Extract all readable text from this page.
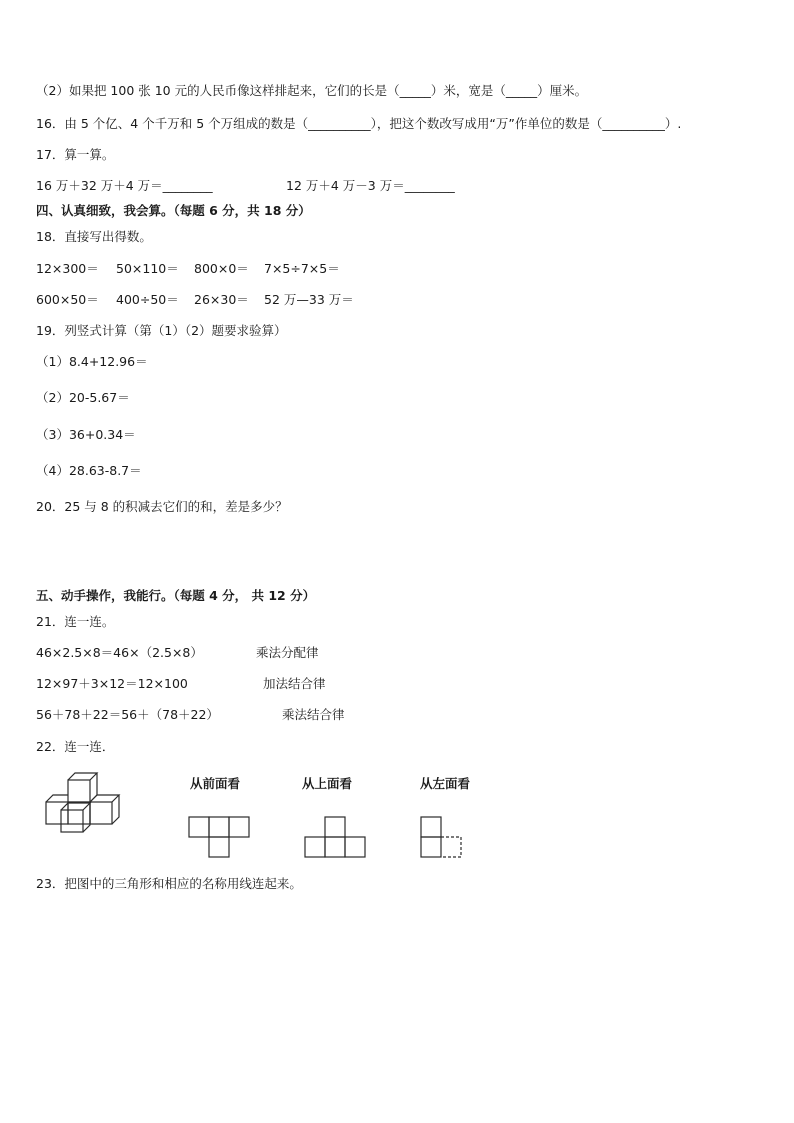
（2）如果把 100 张 10 元的人民币像这样排起来，它们的长是（_____）米，宽是（_____）厘米。
16．由 5 个亿、4 个千万和 5 个万组成的数是（__________），把这个数改写成用“万”作单位的数是（__________）.
17．算一算。
16 万＋32 万＋4 万＝________	12 万＋4 万－3 万＝________
四、认真细致，我会算。（每题 6 分，共 18 分）
18．直接写出得数。
12×300＝ 50×110＝ 800×0＝ 7×5÷7×5＝
600×50＝ 400÷50＝ 26×30＝ 52 万—33 万＝
19．列竖式计算（第（1）（2）题要求验算）
（1）8.4+12.96＝
（2）20-5.67＝
（3）36+0.34＝
（4）28.63-8.7＝
20．25 与 8 的积减去它们的和，差是多少？
五、动手操作，我能行。（每题 4 分， 共 12 分）
21．连一连。
46×2.5×8＝46×（2.5×8）	乘法分配律
12×97＋3×12＝12×100	加法结合律
56＋78＋22＝56＋（78＋22）	乘法结合律
22．连一连．
从前面看	从上面看	从左面看
23．把图中的三角形和相应的名称用线连起来。
